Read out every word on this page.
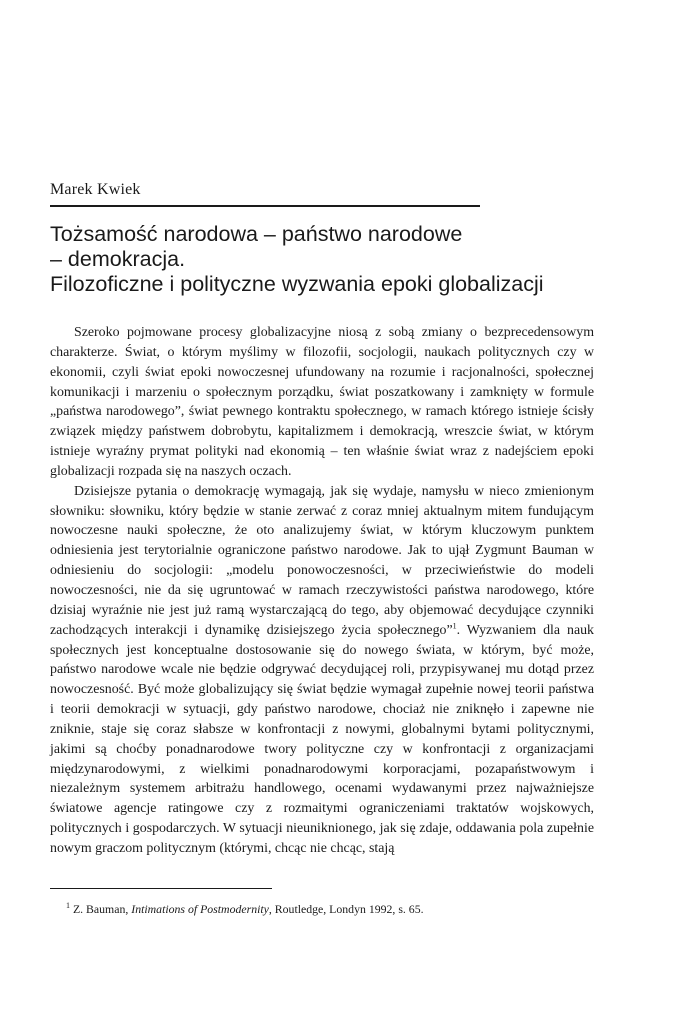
Marek Kwiek
Tożsamość narodowa – państwo narodowe
– demokracja.
Filozoficzne i polityczne wyzwania epoki globalizacji

Szeroko pojmowane procesy globalizacyjne niosą z sobą zmiany o bezprecedensowym charakterze. Świat, o którym myślimy w filozofii, socjologii, naukach politycznych czy w ekonomii, czyli świat epoki nowoczesnej ufundowany na rozumie i racjonalności, społecznej komunikacji i marzeniu o społecznym porządku, świat poszatkowany i zamknięty w formule „państwa narodowego”, świat pewnego kontraktu społecznego, w ramach którego istnieje ścisły związek między państwem dobrobytu, kapitalizmem i demokracją, wreszcie świat, w którym istnieje wyraźny prymat polityki nad ekonomią – ten właśnie świat wraz z nadejściem epoki globalizacji rozpada się na naszych oczach.

Dzisiejsze pytania o demokrację wymagają, jak się wydaje, namysłu w nieco zmienionym słowniku: słowniku, który będzie w stanie zerwać z coraz mniej aktualnym mitem fundującym nowoczesne nauki społeczne, że oto analizujemy świat, w którym kluczowym punktem odniesienia jest terytorialnie ograniczone państwo narodowe. Jak to ujął Zygmunt Bauman w odniesieniu do socjologii: „modelu ponowoczesności, w przeciwieństwie do modeli nowoczesności, nie da się ugruntować w ramach rzeczywistości państwa narodowego, które dzisiaj wyraźnie nie jest już ramą wystarczającą do tego, aby objemować decydujące czynniki zachodzących interakcji i dynamikę dzisiejszego życia społecznego”$^1$. Wyzwaniem dla nauk społecznych jest konceptualne dostosowanie się do nowego świata, w którym, być może, państwo narodowe wcale nie będzie odgrywać decydującej roli, przypisywanej mu dotąd przez nowoczesność. Być może globalizujący się świat będzie wymagał zupełnie nowej teorii państwa i teorii demokracji w sytuacji, gdy państwo narodowe, chociaż nie zniknęło i zapewne nie zniknie, staje się coraz słabsze w konfrontacji z nowymi, globalnymi bytami politycznymi, jakimi są choćby ponadnarodowe twory polityczne czy w konfrontacji z organizacjami międzynarodowymi, z wielkimi ponadnarodowymi korporacjami, pozapaństwowym i niezależnym systemem arbitrażu handlowego, ocenami wydawanymi przez najważniejsze światowe agencje ratingowe czy z rozmaitymi ograniczeniami traktatów wojskowych, politycznych i gospodarczych. W sytuacji nieuniknionego, jak się zdaje, oddawania pola zupełnie nowym graczom politycznym (którymi, chcąc nie chcąc, stają

$^1$ Z. Bauman, Intimations of Postmodernity, Routledge, Londyn 1992, s. 65.
